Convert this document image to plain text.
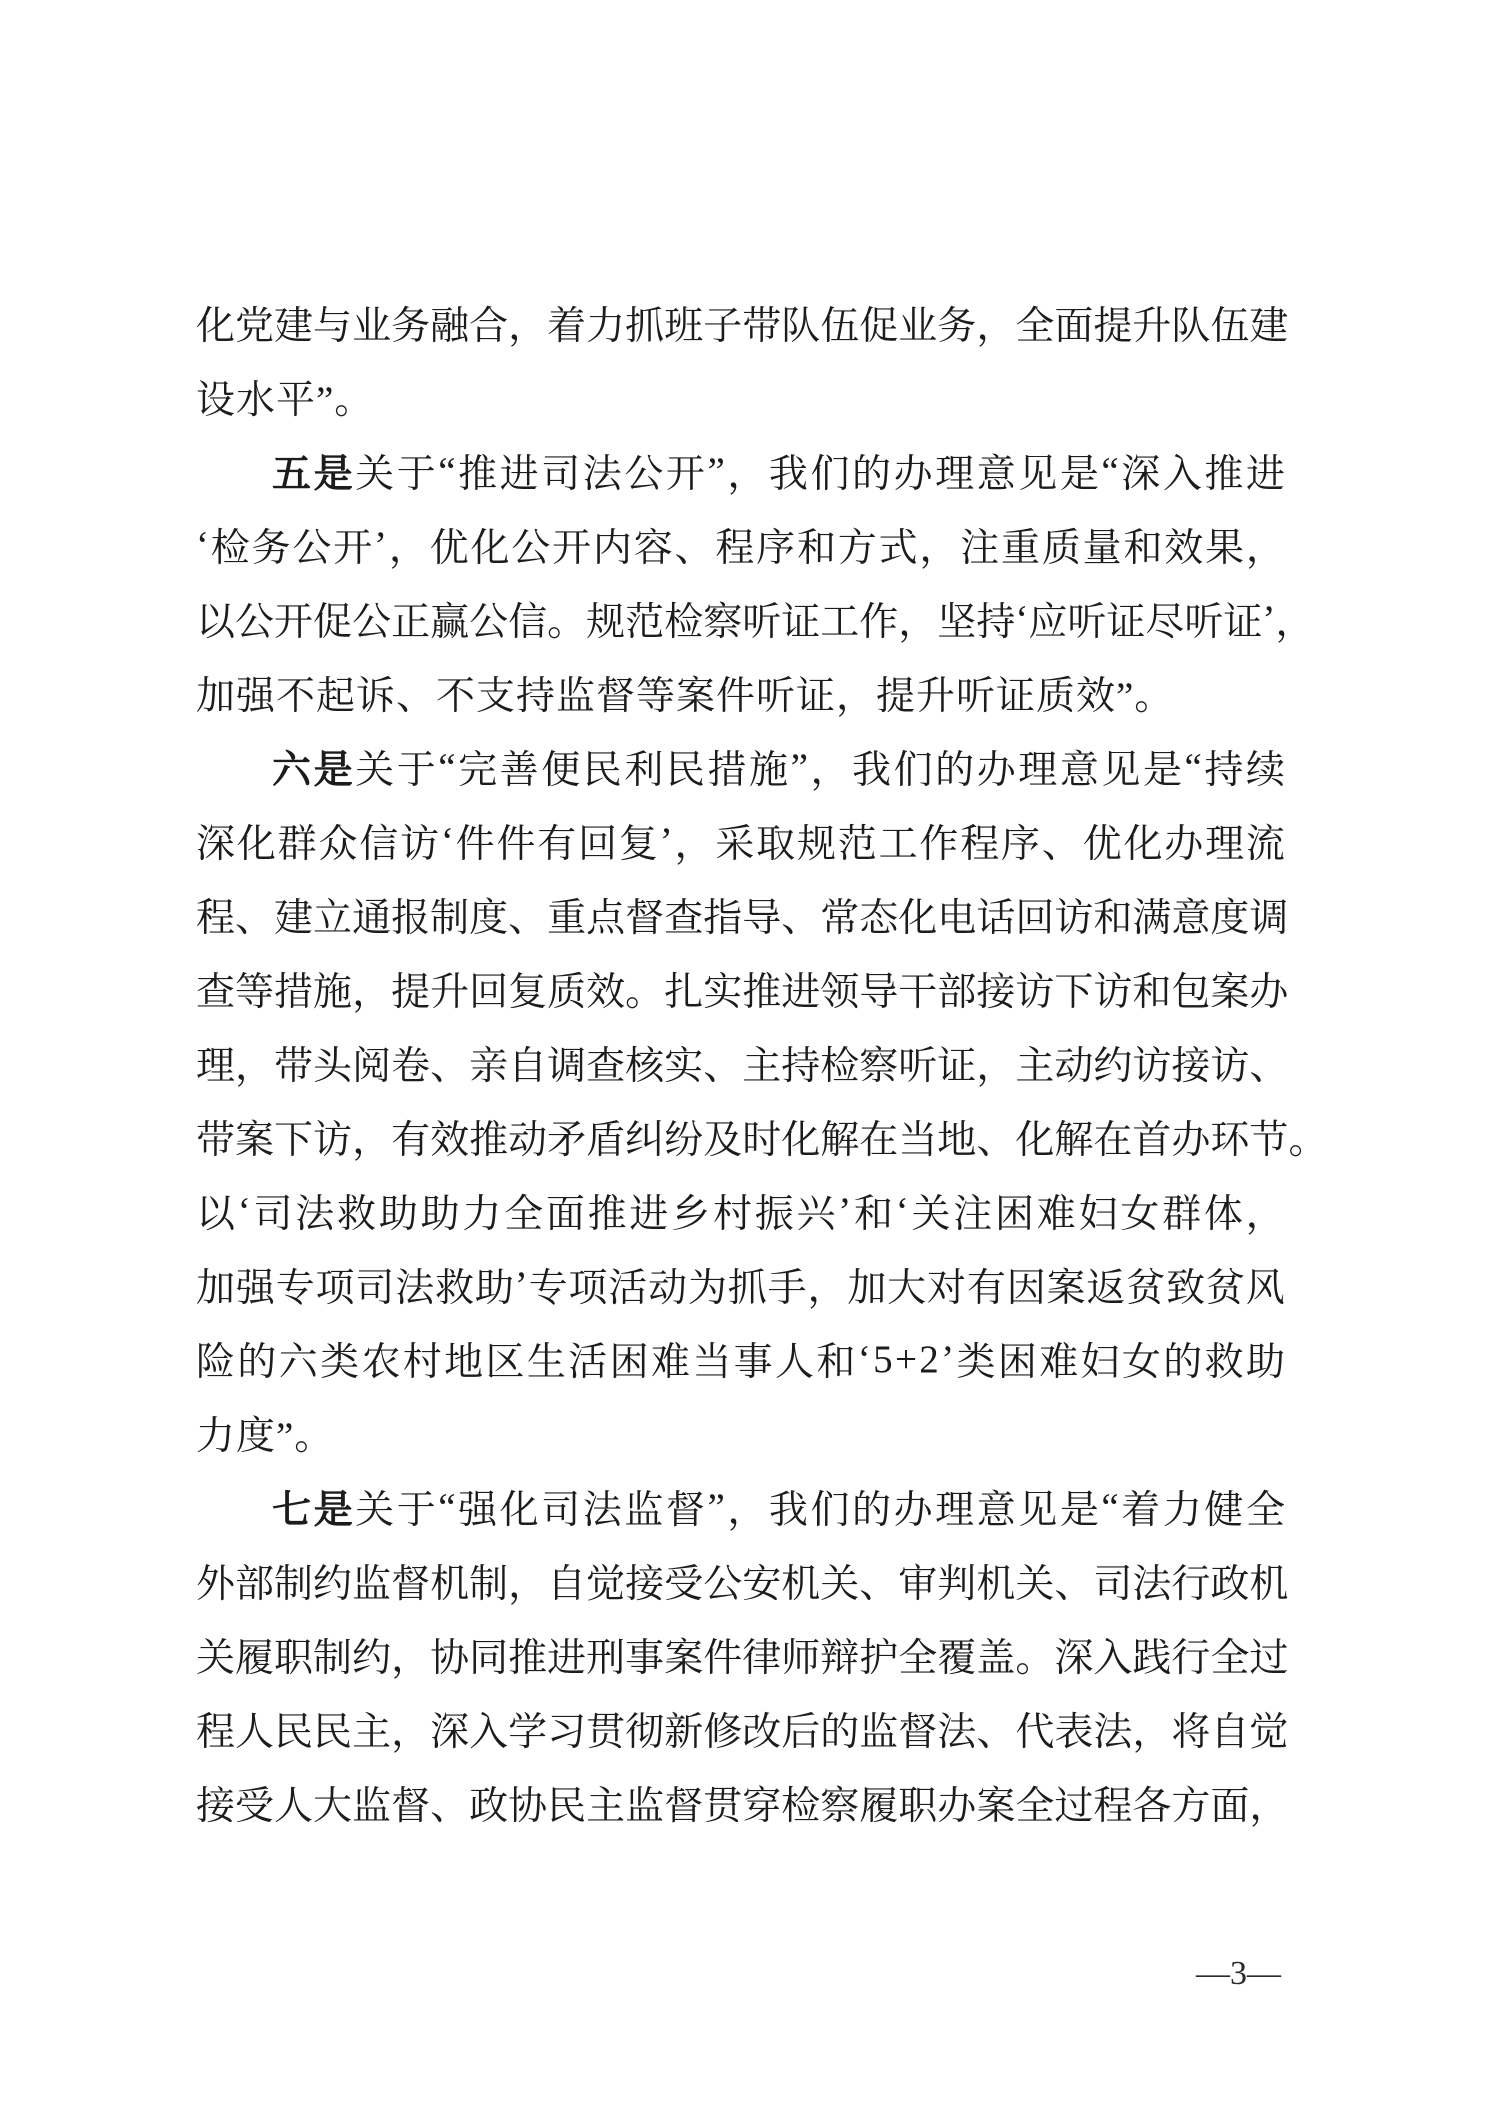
化 党 建 与 业 务 融 合 ， 着 力 抓 班 子 带 队 伍 促 业 务 ， 全 面 提 升 队 伍 建
设水平”。
五 是 关 于 “ 推 进 司 法 公 开 ” ， 我 们 的 办 理 意 见 是 “ 深 入 推 进
‘ 检 务 公 开 ’ ， 优 化 公 开 内 容 、 程 序 和 方 式 ， 注 重 质 量 和 效 果 ，
以 公 开 促 公 正 赢 公 信 。 规 范 检 察 听 证 工 作 ， 坚 持 ‘ 应 听 证 尽 听 证 ’ ，
加强不起诉、不支持监督等案件听证，提升听证质效”。
六 是 关 于 “ 完 善 便 民 利 民 措 施 ” ， 我 们 的 办 理 意 见 是 “ 持 续
深 化 群 众 信 访 ‘ 件 件 有 回 复 ’ ， 采 取 规 范 工 作 程 序 、 优 化 办 理 流
程 、 建 立 通 报 制 度 、 重 点 督 查 指 导 、 常 态 化 电 话 回 访 和 满 意 度 调
查 等 措 施 ， 提 升 回 复 质 效 。 扎 实 推 进 领 导 干 部 接 访 下 访 和 包 案 办
理 ， 带 头 阅 卷 、 亲 自 调 查 核 实 、 主 持 检 察 听 证 ， 主 动 约 访 接 访 、
带 案 下 访 ， 有 效 推 动 矛 盾 纠 纷 及 时 化 解 在 当 地 、 化 解 在 首 办 环 节 。
以 ‘ 司 法 救 助 助 力 全 面 推 进 乡 村 振 兴 ’ 和 ‘ 关 注 困 难 妇 女 群 体 ，
加 强 专 项 司 法 救 助 ’ 专 项 活 动 为 抓 手 ， 加 大 对 有 因 案 返 贫 致 贫 风
险 的 六 类 农 村 地 区 生 活 困 难 当 事 人 和 ‘ 5 + 2 ’ 类 困 难 妇 女 的 救 助
力度”。
七 是 关 于 “ 强 化 司 法 监 督 ” ， 我 们 的 办 理 意 见 是 “ 着 力 健 全
外 部 制 约 监 督 机 制 ， 自 觉 接 受 公 安 机 关 、 审 判 机 关 、 司 法 行 政 机
关 履 职 制 约 ， 协 同 推 进 刑 事 案 件 律 师 辩 护 全 覆 盖 。 深 入 践 行 全 过
程 人 民 民 主 ， 深 入 学 习 贯 彻 新 修 改 后 的 监 督 法 、 代 表 法 ， 将 自 觉
接 受 人 大 监 督 、 政 协 民 主 监 督 贯 穿 检 察 履 职 办 案 全 过 程 各 方 面 ，
—3—
